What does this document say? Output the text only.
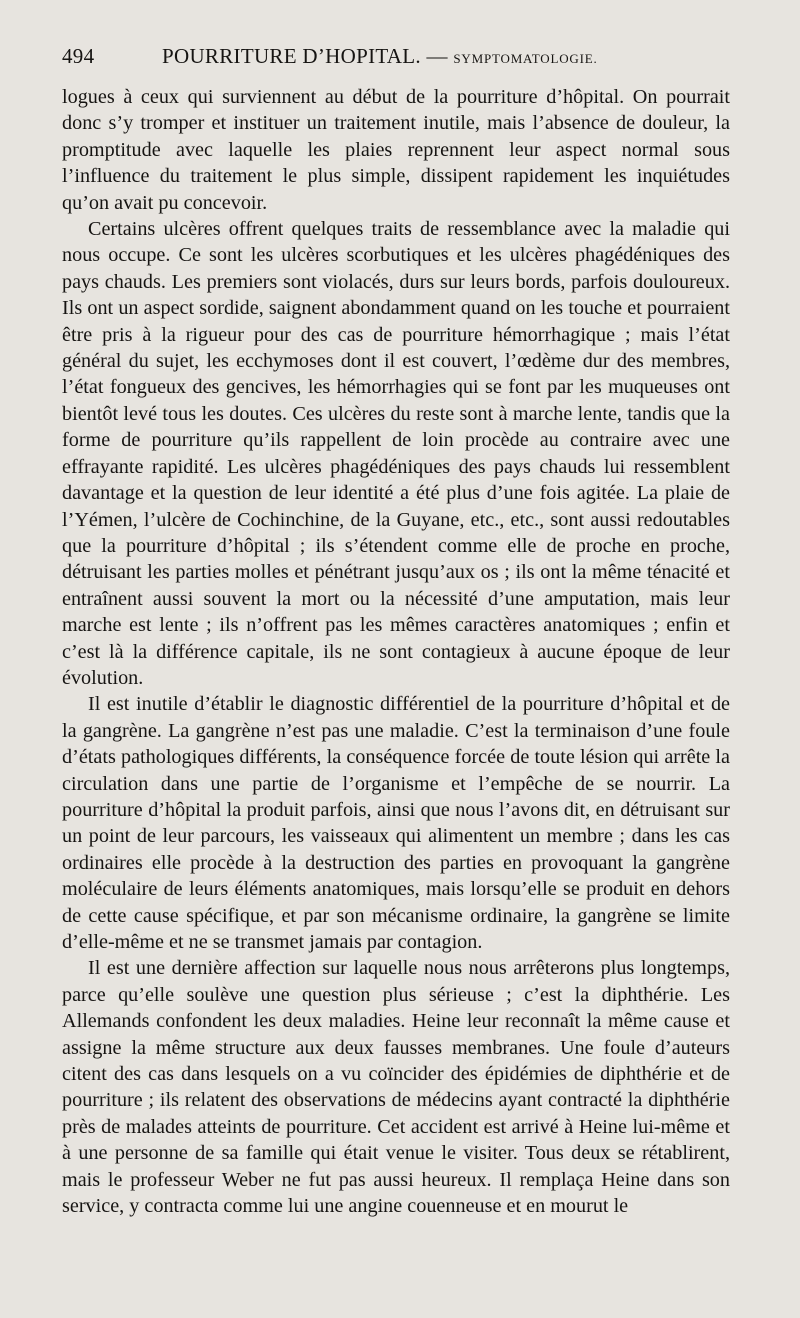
494	POURRITURE D’HOPITAL. — SYMPTOMATOLOGIE.

logues à ceux qui surviennent au début de la pourriture d’hôpital. On pourrait donc s’y tromper et instituer un traitement inutile, mais l’absence de douleur, la promptitude avec laquelle les plaies reprennent leur aspect normal sous l’influence du traitement le plus simple, dissipent rapidement les inquiétudes qu’on avait pu concevoir.

Certains ulcères offrent quelques traits de ressemblance avec la maladie qui nous occupe. Ce sont les ulcères scorbutiques et les ulcères phagédéniques des pays chauds. Les premiers sont violacés, durs sur leurs bords, parfois douloureux. Ils ont un aspect sordide, saignent abondamment quand on les touche et pourraient être pris à la rigueur pour des cas de pourriture hémorrhagique ; mais l’état général du sujet, les ecchymoses dont il est couvert, l’œdème dur des membres, l’état fongueux des gencives, les hémorrhagies qui se font par les muqueuses ont bientôt levé tous les doutes. Ces ulcères du reste sont à marche lente, tandis que la forme de pourriture qu’ils rappellent de loin procède au contraire avec une effrayante rapidité. Les ulcères phagédéniques des pays chauds lui ressemblent davantage et la question de leur identité a été plus d’une fois agitée. La plaie de l’Yémen, l’ulcère de Cochinchine, de la Guyane, etc., etc., sont aussi redoutables que la pourriture d’hôpital ; ils s’étendent comme elle de proche en proche, détruisant les parties molles et pénétrant jusqu’aux os ; ils ont la même ténacité et entraînent aussi souvent la mort ou la nécessité d’une amputation, mais leur marche est lente ; ils n’offrent pas les mêmes caractères anatomiques ; enfin et c’est là la différence capitale, ils ne sont contagieux à aucune époque de leur évolution.

Il est inutile d’établir le diagnostic différentiel de la pourriture d’hôpital et de la gangrène. La gangrène n’est pas une maladie. C’est la terminaison d’une foule d’états pathologiques différents, la conséquence forcée de toute lésion qui arrête la circulation dans une partie de l’organisme et l’empêche de se nourrir. La pourriture d’hôpital la produit parfois, ainsi que nous l’avons dit, en détruisant sur un point de leur parcours, les vaisseaux qui alimentent un membre ; dans les cas ordinaires elle procède à la destruction des parties en provoquant la gangrène moléculaire de leurs éléments anatomiques, mais lorsqu’elle se produit en dehors de cette cause spécifique, et par son mécanisme ordinaire, la gangrène se limite d’elle-même et ne se transmet jamais par contagion.

Il est une dernière affection sur laquelle nous nous arrêterons plus longtemps, parce qu’elle soulève une question plus sérieuse ; c’est la diphthérie. Les Allemands confondent les deux maladies. Heine leur reconnaît la même cause et assigne la même structure aux deux fausses membranes. Une foule d’auteurs citent des cas dans lesquels on a vu coïncider des épidémies de diphthérie et de pourriture ; ils relatent des observations de médecins ayant contracté la diphthérie près de malades atteints de pourriture. Cet accident est arrivé à Heine lui-même et à une personne de sa famille qui était venue le visiter. Tous deux se rétablirent, mais le professeur Weber ne fut pas aussi heureux. Il remplaça Heine dans son service, y contracta comme lui une angine couenneuse et en mourut le
